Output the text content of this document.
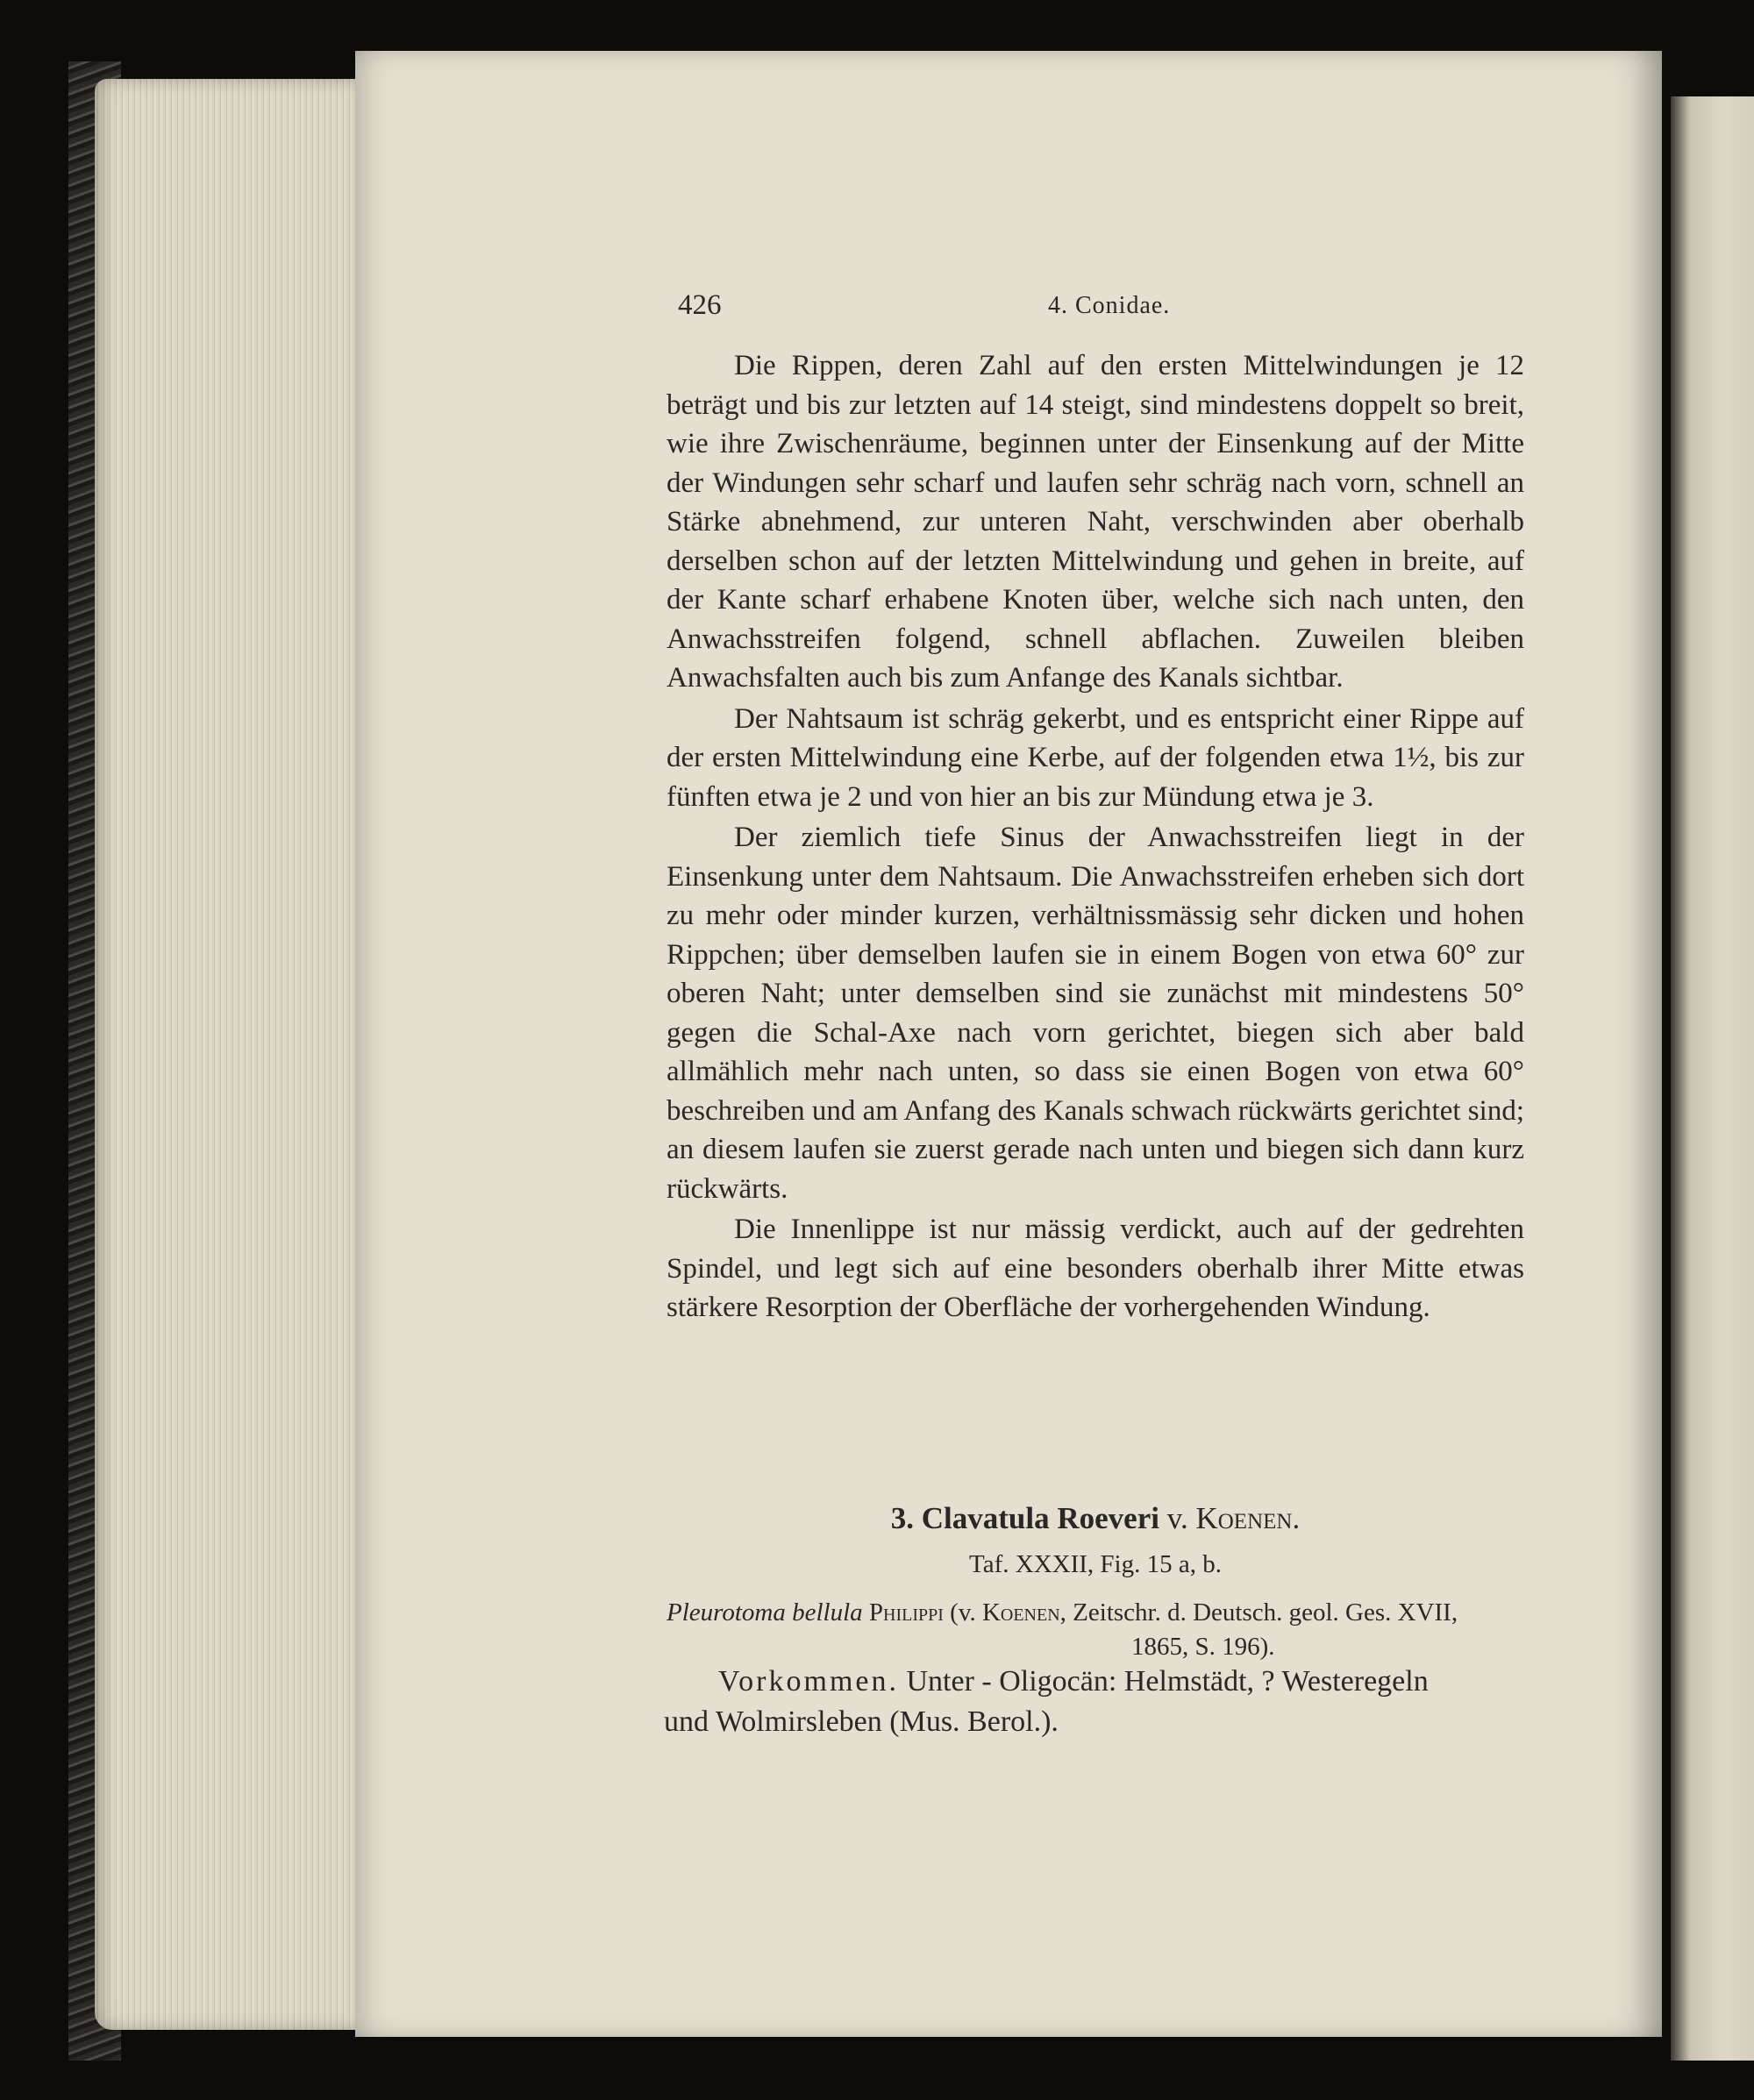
426	4. Conidae.

Die Rippen, deren Zahl auf den ersten Mittelwindungen je 12 beträgt und bis zur letzten auf 14 steigt, sind mindestens doppelt so breit, wie ihre Zwischenräume, beginnen unter der Einsenkung auf der Mitte der Windungen sehr scharf und laufen sehr schräg nach vorn, schnell an Stärke abnehmend, zur unteren Naht, verschwinden aber oberhalb derselben schon auf der letzten Mittelwindung und gehen in breite, auf der Kante scharf erhabene Knoten über, welche sich nach unten, den Anwachsstreifen folgend, schnell abflachen. Zuweilen bleiben Anwachsfalten auch bis zum Anfange des Kanals sichtbar.

Der Nahtsaum ist schräg gekerbt, und es entspricht einer Rippe auf der ersten Mittelwindung eine Kerbe, auf der folgenden etwa 1½, bis zur fünften etwa je 2 und von hier an bis zur Mündung etwa je 3.

Der ziemlich tiefe Sinus der Anwachsstreifen liegt in der Einsenkung unter dem Nahtsaum. Die Anwachsstreifen erheben sich dort zu mehr oder minder kurzen, verhältnissmässig sehr dicken und hohen Rippchen; über demselben laufen sie in einem Bogen von etwa 60° zur oberen Naht; unter demselben sind sie zunächst mit mindestens 50° gegen die Schal-Axe nach vorn gerichtet, biegen sich aber bald allmählich mehr nach unten, so dass sie einen Bogen von etwa 60° beschreiben und am Anfang des Kanals schwach rückwärts gerichtet sind; an diesem laufen sie zuerst gerade nach unten und biegen sich dann kurz rückwärts.

Die Innenlippe ist nur mässig verdickt, auch auf der gedrehten Spindel, und legt sich auf eine besonders oberhalb ihrer Mitte etwas stärkere Resorption der Oberfläche der vorhergehenden Windung.

3. Clavatula Roeveri v. Koenen.
Taf. XXXII, Fig. 15 a, b.
Pleurotoma bellula Philippi (v. Koenen, Zeitschr. d. Deutsch. geol. Ges. XVII,
1865, S. 196).
Vorkommen. Unter - Oligocän: Helmstädt, ? Westeregeln
und Wolmirsleben (Mus. Berol.).
